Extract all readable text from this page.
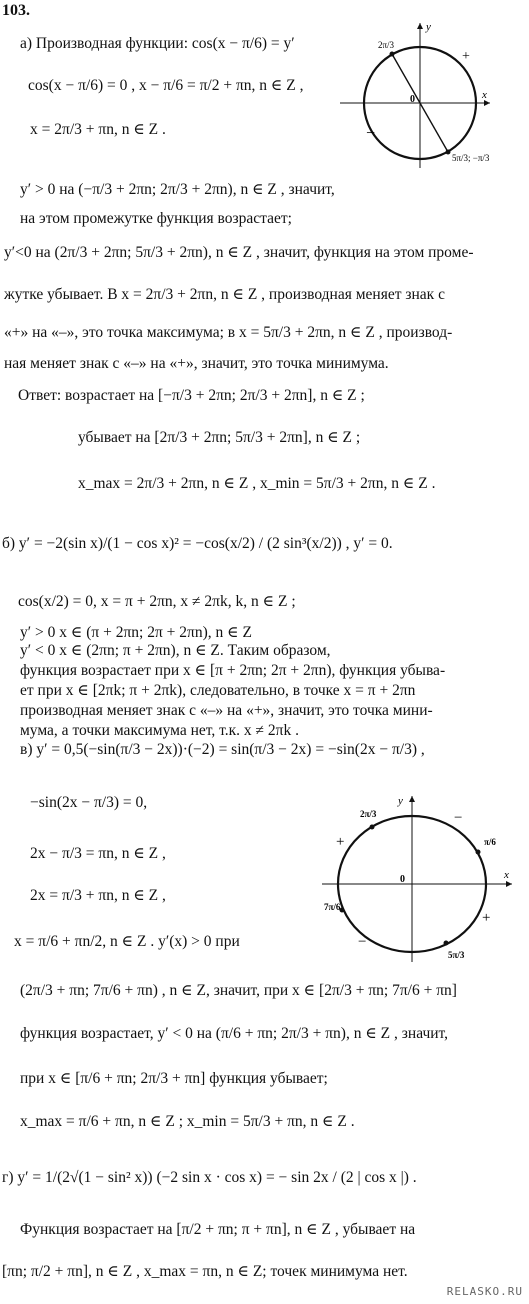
103.
а) Производная функции: cos(x − π/6) = y′
cos(x − π/6) = 0 , x − π/6 = π/2 + πn, n ∈ Z ,
x = 2π/3 + πn, n ∈ Z .
2π/3
5π/3; −π/3
+
−
y
x
0
y′ > 0 на (−π/3 + 2πn; 2π/3 + 2πn), n ∈ Z , значит,
на этом промежутке функция возрастает;
y′<0 на (2π/3 + 2πn; 5π/3 + 2πn), n ∈ Z , значит, функция на этом проме-
жутке убывает. В x = 2π/3 + 2πn, n ∈ Z , производная меняет знак с
«+» на «–», это точка максимума; в x = 5π/3 + 2πn, n ∈ Z , производ-
ная меняет знак с «–» на «+», значит, это точка минимума.
Ответ: возрастает на [−π/3 + 2πn; 2π/3 + 2πn], n ∈ Z ;
убывает на [2π/3 + 2πn; 5π/3 + 2πn], n ∈ Z ;
x_max = 2π/3 + 2πn, n ∈ Z , x_min = 5π/3 + 2πn, n ∈ Z .
б) y′ = −2(sin x)/(1 − cos x)² = −cos(x/2) / (2 sin³(x/2)) , y′ = 0.
cos(x/2) = 0, x = π + 2πn, x ≠ 2πk, k, n ∈ Z ;
y′ > 0 x ∈ (π + 2πn; 2π + 2πn), n ∈ Z
y′ < 0 x ∈ (2πn; π + 2πn), n ∈ Z. Таким образом,
функция возрастает при x ∈ [π + 2πn; 2π + 2πn), функция убыва-
ет при x ∈ [2πk; π + 2πk), следовательно, в точке x = π + 2πn
производная меняет знак с «–» на «+», значит, это точка мини-
мума, а точки максимума нет, т.к. x ≠ 2πk .
в) y′ = 0,5(−sin(π/3 − 2x))·(−2) = sin(π/3 − 2x) = −sin(2x − π/3) ,
−sin(2x − π/3) = 0,
2π/3
π/6
7π/6
5π/3
+
+
−
−
y
x
0
2x − π/3 = πn, n ∈ Z ,
2x = π/3 + πn, n ∈ Z ,
x = π/6 + πn/2, n ∈ Z . y′(x) > 0 при
(2π/3 + πn; 7π/6 + πn) , n ∈ Z, значит, при x ∈ [2π/3 + πn; 7π/6 + πn]
функция возрастает, y′ < 0 на (π/6 + πn; 2π/3 + πn), n ∈ Z , значит,
при x ∈ [π/6 + πn; 2π/3 + πn] функция убывает;
x_max = π/6 + πn, n ∈ Z ; x_min = 5π/3 + πn, n ∈ Z .
г) y′ = 1/(2√(1 − sin² x)) (−2 sin x · cos x) = − sin 2x / (2 | cos x |) .
Функция возрастает на [π/2 + πn; π + πn], n ∈ Z , убывает на
[πn; π/2 + πn], n ∈ Z , x_max = πn, n ∈ Z; точек минимума нет.
RELASKO.RU
